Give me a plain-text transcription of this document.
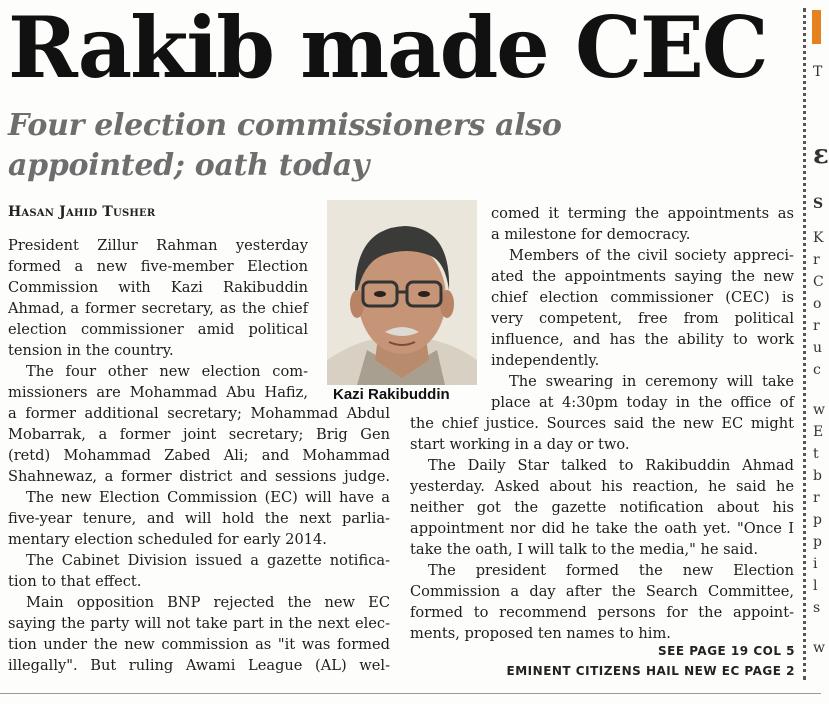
Rakib made CEC
Four election commissioners also
appointed; oath today
Hasan Jahid Tusher
President Zillur Rahman yesterday
formed a new five-member Election
Commission with Kazi Rakibuddin
Ahmad, a former secretary, as the chief
election commissioner amid political
tension in the country.
The four other new election com-
missioners are Mohammad Abu Hafiz,
a former additional secretary; Mohammad Abdul
Mobarrak, a former joint secretary; Brig Gen
(retd) Mohammad Zabed Ali; and Mohammad
Shahnewaz, a former district and sessions judge.
The new Election Commission (EC) will have a
five-year tenure, and will hold the next parlia-
mentary election scheduled for early 2014.
The Cabinet Division issued a gazette notifica-
tion to that effect.
Main opposition BNP rejected the new EC
saying the party will not take part in the next elec-
tion under the new commission as "it was formed
illegally". But ruling Awami League (AL) wel-
Kazi Rakibuddin
comed it terming the appointments as
a milestone for democracy.
Members of the civil society appreci-
ated the appointments saying the new
chief election commissioner (CEC) is
very competent, free from political
influence, and has the ability to work
independently.
The swearing in ceremony will take
place at 4:30pm today in the office of
the chief justice. Sources said the new EC might
start working in a day or two.
The Daily Star talked to Rakibuddin Ahmad
yesterday. Asked about his reaction, he said he
neither got the gazette notification about his
appointment nor did he take the oath yet. "Once I
take the oath, I will talk to the media," he said.
The president formed the new Election
Commission a day after the Search Committee,
formed to recommend persons for the appoint-
ments, proposed ten names to him.
SEE PAGE 19 COL 5
EMINENT CITIZENS HAIL NEW EC PAGE 2
T
ε
S
K
r
C
o
r
u
c
w
E
t
b
r
p
p
i
l
s
w
